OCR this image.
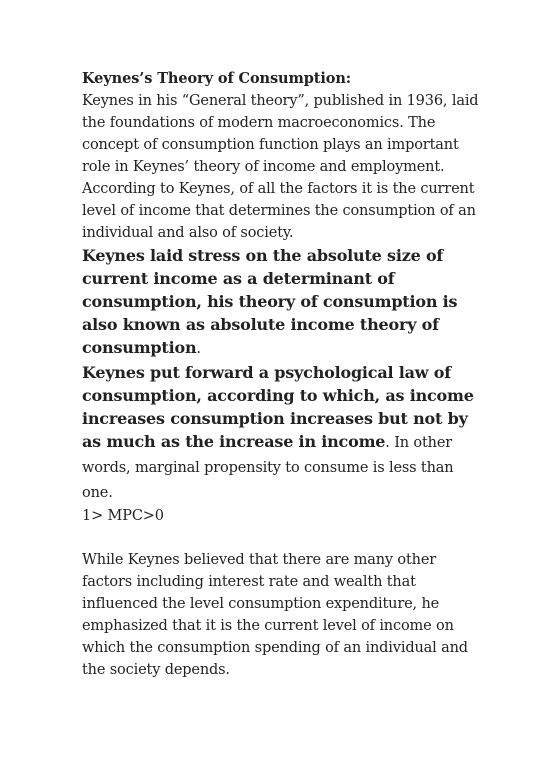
Keynes’s Theory of Consumption:

Keynes in his “General theory”, published in 1936, laid the foundations of modern macroeconomics. The concept of consumption function plays an important role in Keynes’ theory of income and employment. According to Keynes, of all the factors it is the current level of income that determines the consumption of an individual and also of society.

Keynes laid stress on the absolute size of current income as a determinant of consumption, his theory of consumption is also known as absolute income theory of consumption.

Keynes put forward a psychological law of consumption, according to which, as income increases consumption increases but not by as much as the increase in income. In other words, marginal propensity to consume is less than one.

1> MPC>0

While Keynes believed that there are many other factors including interest rate and wealth that influenced the level consumption expenditure, he emphasized that it is the current level of income on which the consumption spending of an individual and the society depends.
